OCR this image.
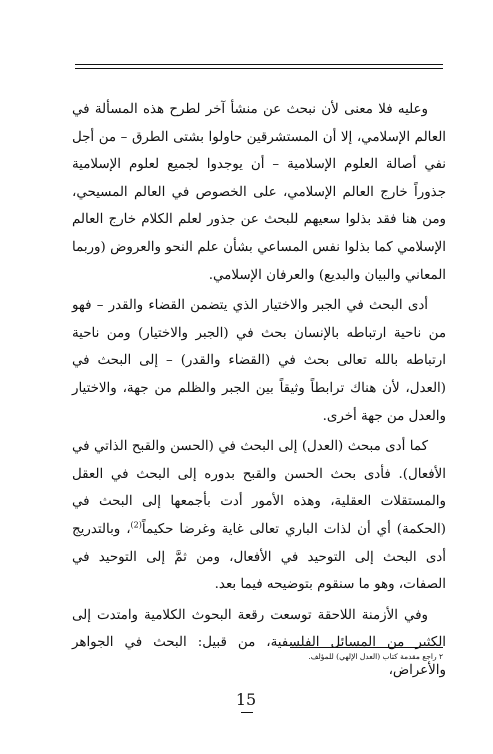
وعليه فلا معنى لأن نبحث عن منشأ آخر لطرح هذه المسألة في العالم الإسلامي، إلا أن المستشرقين حاولوا بشتى الطرق – من أجل نفي أصالة العلوم الإسلامية – أن يوجدوا لجميع لعلوم الإسلامية جذوراً خارج العالم الإسلامي، على الخصوص في العالم المسيحي، ومن هنا فقد بذلوا سعيهم للبحث عن جذور لعلم الكلام خارج العالم الإسلامي كما بذلوا نفس المساعي بشأن علم النحو والعروض (وربما المعاني والبيان والبديع) والعرفان الإسلامي.

أدى البحث في الجبر والاختيار الذي يتضمن القضاء والقدر – فهو من ناحية ارتباطه بالإنسان بحث في (الجبر والاختيار) ومن ناحية ارتباطه بالله تعالى بحث في (القضاء والقدر) – إلى البحث في (العدل، لأن هناك ترابطاً وثيقاً بين الجبر والظلم من جهة، والاختيار والعدل من جهة أخرى.

كما أدى مبحث (العدل) إلى البحث في (الحسن والقبح الذاتي في الأفعال). فأدى بحث الحسن والقبح بدوره إلى البحث في العقل والمستقلات العقلية، وهذه الأمور أدت بأجمعها إلى البحث في (الحكمة) أي أن لذات الباري تعالى غاية وغرضا حكيماً$^{(2)}$، وبالتدريج أدى البحث إلى التوحيد في الأفعال، ومن ثمَّ إلى التوحيد في الصفات، وهو ما سنقوم بتوضيحه فيما بعد.

وفي الأزمنة اللاحقة توسعت رقعة البحوث الكلامية وامتدت إلى الكثير من المسائل الفلسفية، من قبيل: البحث في الجواهر والأعراض،

٢ راجع مقدمة كتاب (العدل الإلهي) للمؤلف.

15
